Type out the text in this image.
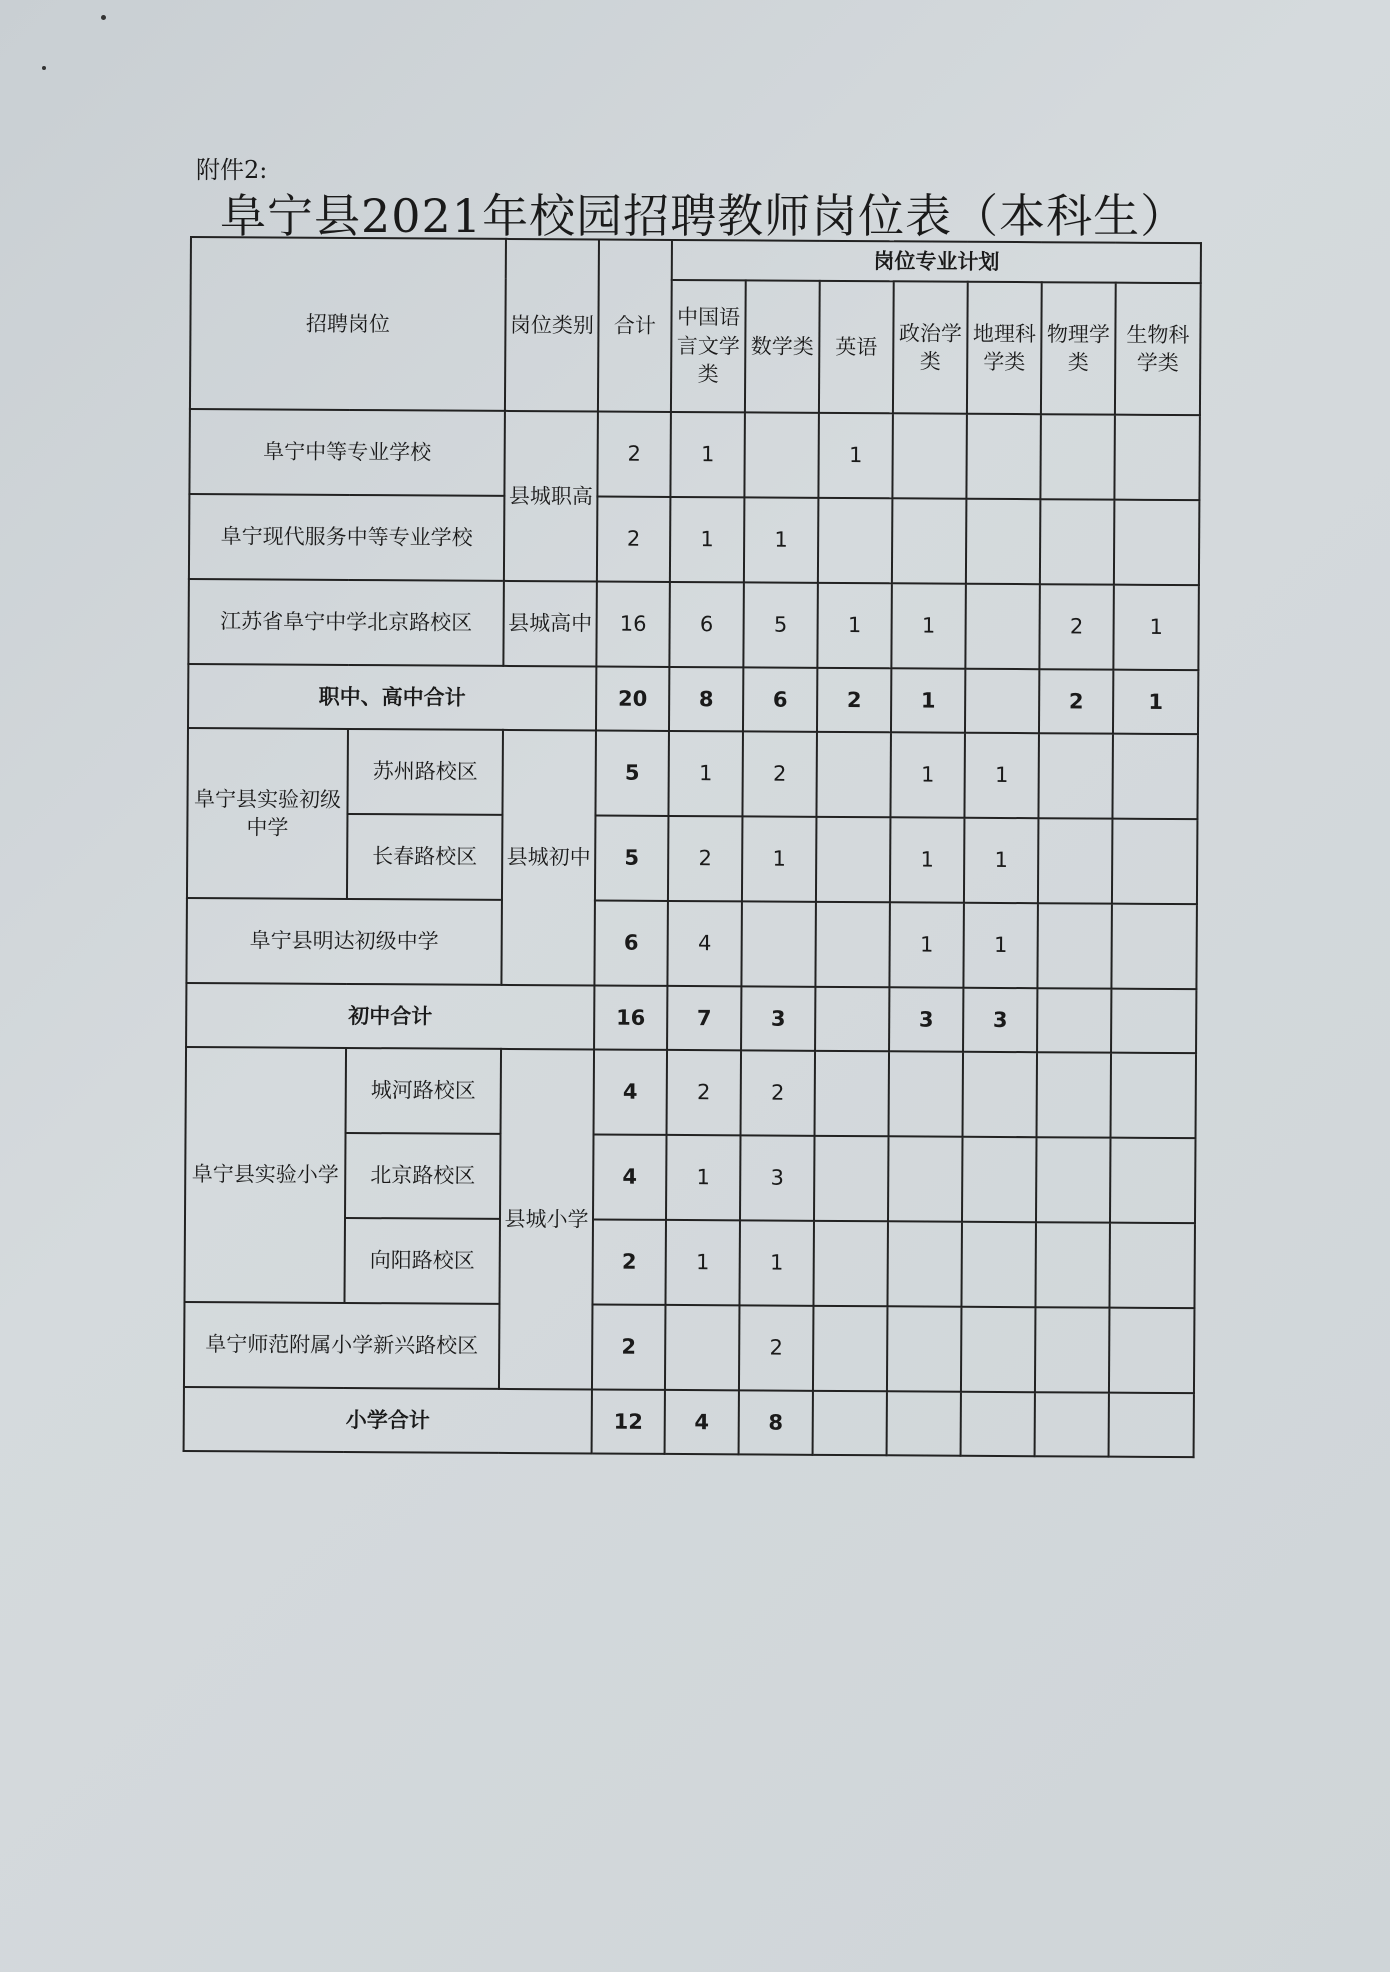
附件2:
阜宁县2021年校园招聘教师岗位表（本科生）
招聘岗位		岗位类别	合计	岗位专业计划						
				中国语言文学类	数学类	英语	政治学类	地理科学类	物理学类	生物科学类
阜宁中等专业学校		县城职高	2	1		1				
阜宁现代服务中等专业学校			2	1	1					
江苏省阜宁中学北京路校区		县城高中	16	6	5	1	1		2	1
职中、高中合计			20	8	6	2	1		2	1
阜宁县实验初级中学	苏州路校区	县城初中	5	1	2		1	1		
	长春路校区		5	2	1		1	1		
阜宁县明达初级中学			6	4			1	1		
初中合计			16	7	3		3	3		
阜宁县实验小学	城河路校区	县城小学	4	2	2					
	北京路校区		4	1	3					
	向阳路校区		2	1	1					
阜宁师范附属小学新兴路校区			2		2					
小学合计			12	4	8					
